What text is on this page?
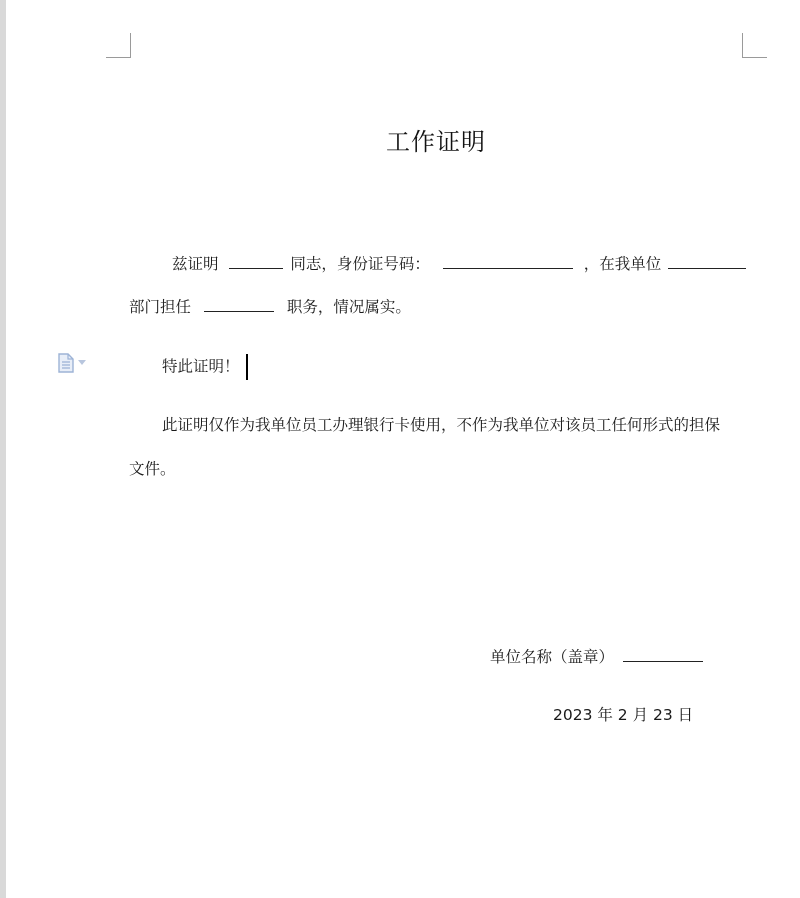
工作证明
兹证明	同志，身份证号码：	，在我单位
部门担任	职务，情况属实。
特此证明！
此证明仅作为我单位员工办理银行卡使用，不作为我单位对该员工任何形式的担保
文件。
单位名称（盖章）
2023 年 2 月 23 日
